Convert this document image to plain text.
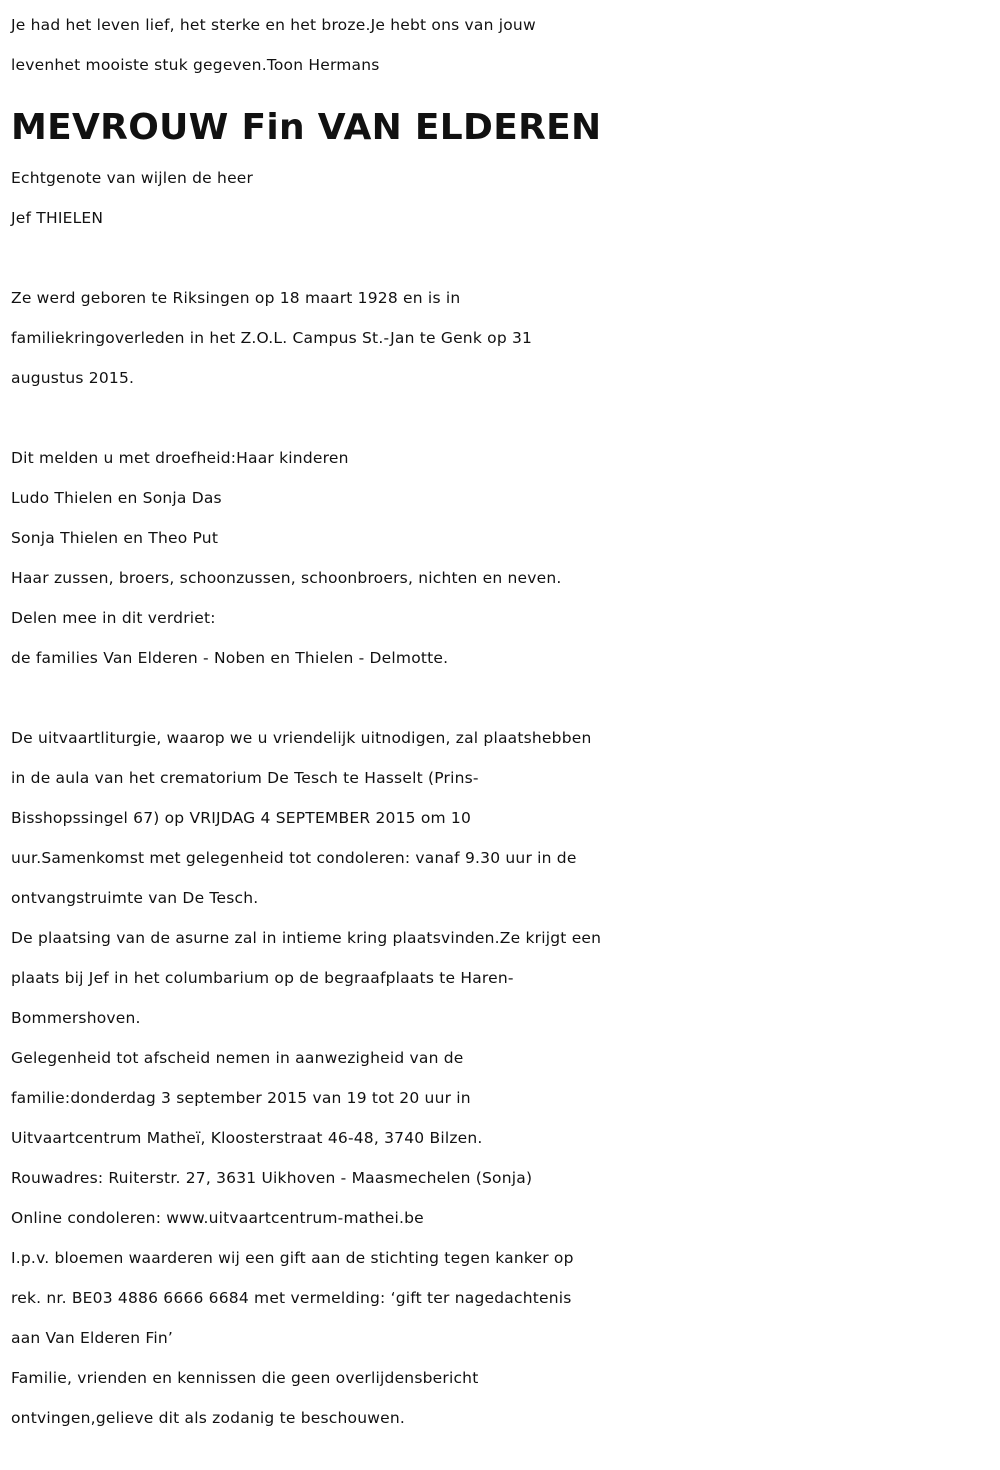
Je had het leven lief, het sterke en het broze.Je hebt ons van jouw
levenhet mooiste stuk gegeven.Toon Hermans

MEVROUW Fin VAN ELDEREN

Echtgenote van wijlen de heer
Jef THIELEN

Ze werd geboren te Riksingen op 18 maart 1928 en is in
familiekringoverleden in het Z.O.L. Campus St.-Jan te Genk op 31
augustus 2015.

Dit melden u met droefheid:Haar kinderen
Ludo Thielen en Sonja Das
Sonja Thielen en Theo Put
Haar zussen, broers, schoonzussen, schoonbroers, nichten en neven.
Delen mee in dit verdriet:
de families Van Elderen - Noben en Thielen - Delmotte.

De uitvaartliturgie, waarop we u vriendelijk uitnodigen, zal plaatshebben
in de aula van het crematorium De Tesch te Hasselt (Prins-
Bisshopssingel 67) op VRIJDAG 4 SEPTEMBER 2015 om 10
uur.Samenkomst met gelegenheid tot condoleren: vanaf 9.30 uur in de
ontvangstruimte van De Tesch.
De plaatsing van de asurne zal in intieme kring plaatsvinden.Ze krijgt een
plaats bij Jef in het columbarium op de begraafplaats te Haren-
Bommershoven.
Gelegenheid tot afscheid nemen in aanwezigheid van de
familie:donderdag 3 september 2015 van 19 tot 20 uur in
Uitvaartcentrum Matheï, Kloosterstraat 46-48, 3740 Bilzen.
Rouwadres: Ruiterstr. 27, 3631 Uikhoven - Maasmechelen (Sonja)
Online condoleren: www.uitvaartcentrum-mathei.be
I.p.v. bloemen waarderen wij een gift aan de stichting tegen kanker op
rek. nr. BE03 4886 6666 6684 met vermelding: ‘gift ter nagedachtenis
aan Van Elderen Fin’
Familie, vrienden en kennissen die geen overlijdensbericht
ontvingen,gelieve dit als zodanig te beschouwen.
